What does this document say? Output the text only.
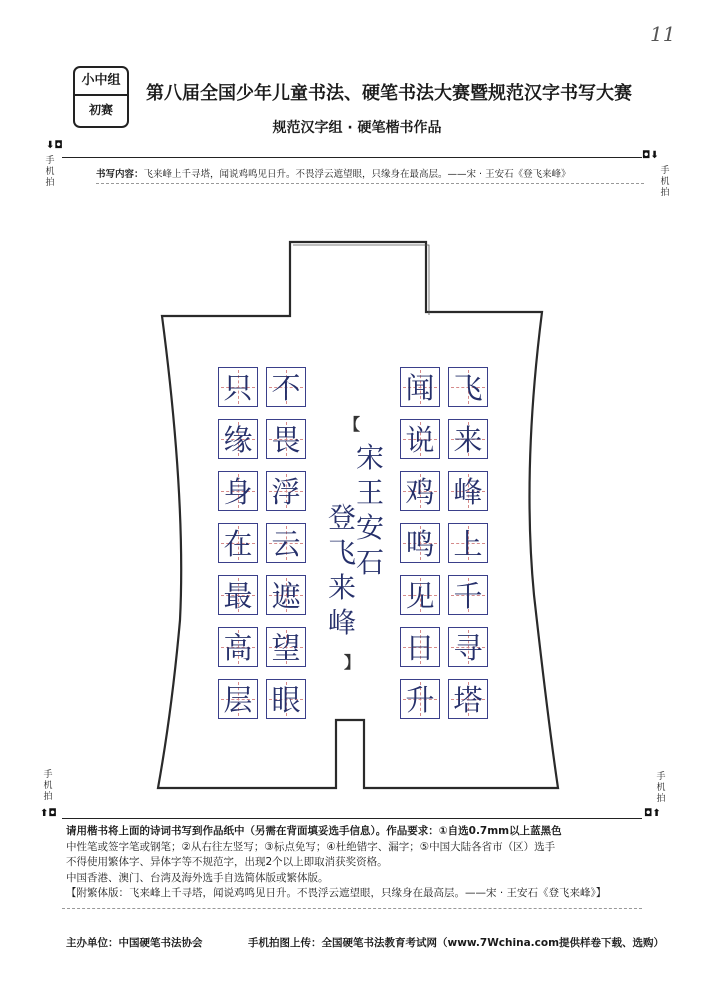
11
小中组
初赛
第八届全国少年儿童书法、硬笔书法大赛暨规范汉字书写大赛
规范汉字组 · 硬笔楷书作品
⬇◘
◘⬇
手
机
拍
手
机
拍
书写内容：飞来峰上千寻塔，闻说鸡鸣见日升。不畏浮云遮望眼，只缘身在最高层。——宋 · 王安石《登飞来峰》
飞
来
峰
上
千
寻
塔
闻
说
鸡
鸣
见
日
升
不
畏
浮
云
遮
望
眼
只
缘
身
在
最
高
层
【
宋
王
安
石
登
飞
来
峰
】
手
机
拍
手
机
拍
⬆◘	◘⬆

请用楷书将上面的诗词书写到作品纸中（另需在背面填妥选手信息）。作品要求：①自选0.7mm以上蓝黑色

中性笔或签字笔或钢笔；②从右往左竖写；③标点免写；④杜绝错字、漏字；⑤中国大陆各省市（区）选手

不得使用繁体字、异体字等不规范字，出现2个以上即取消获奖资格。

中国香港、澳门、台湾及海外选手自选简体版或繁体版。

【附繁体版：飞来峰上千寻塔，闻说鸡鸣见日升。不畏浮云遮望眼，只缘身在最高层。——宋 · 王安石《登飞来峰》】

主办单位：中国硬笔书法协会	手机拍图上传：全国硬笔书法教育考试网（www.7Wchina.com提供样卷下载、选购）
